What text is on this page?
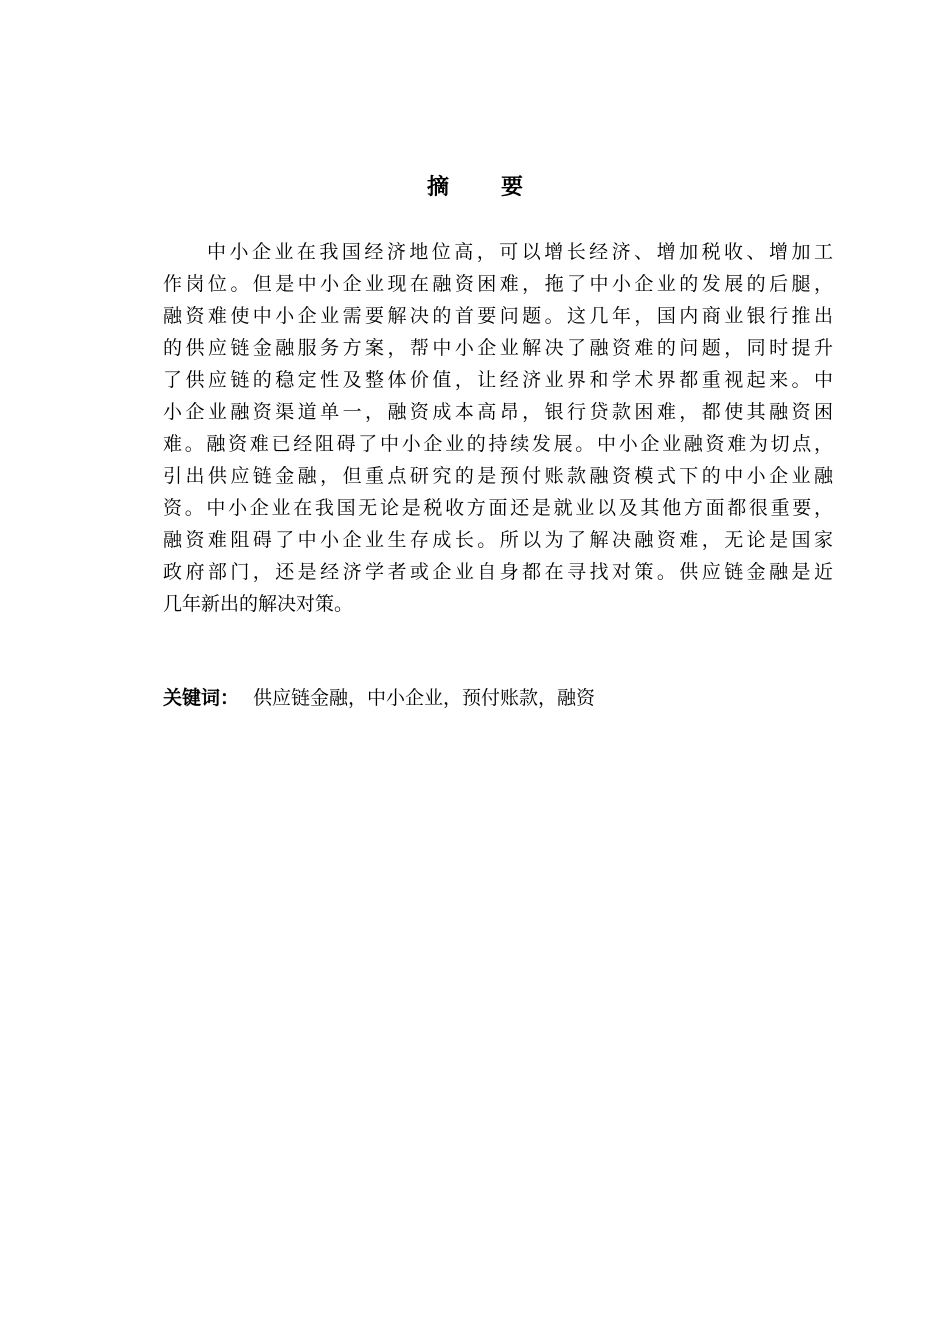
摘 要
中小企业在我国经济地位高，可以增长经济、增加税收、增加工
作岗位。但是中小企业现在融资困难，拖了中小企业的发展的后腿，
融资难使中小企业需要解决的首要问题。这几年，国内商业银行推出
的供应链金融服务方案，帮中小企业解决了融资难的问题，同时提升
了供应链的稳定性及整体价值，让经济业界和学术界都重视起来。中
小企业融资渠道单一，融资成本高昂，银行贷款困难，都使其融资困
难。融资难已经阻碍了中小企业的持续发展。中小企业融资难为切点，
引出供应链金融，但重点研究的是预付账款融资模式下的中小企业融
资。中小企业在我国无论是税收方面还是就业以及其他方面都很重要，
融资难阻碍了中小企业生存成长。所以为了解决融资难，无论是国家
政府部门，还是经济学者或企业自身都在寻找对策。供应链金融是近
几年新出的解决对策。
关键词： 供应链金融，中小企业，预付账款，融资
